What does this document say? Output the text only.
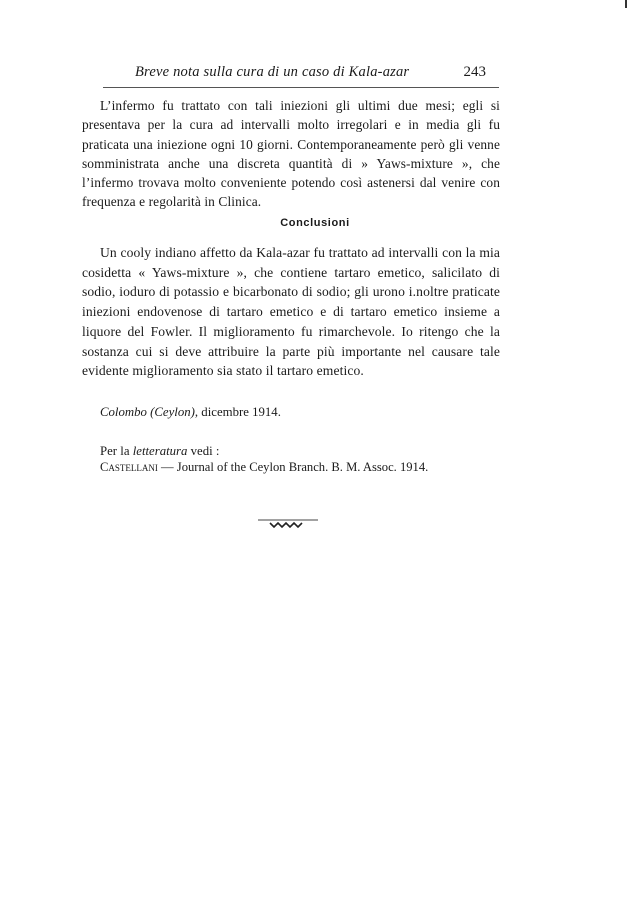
Breve nota sulla cura di un caso di Kala-azar	243

L’infermo fu trattato con tali iniezioni gli ultimi due mesi; egli si presentava per la cura ad intervalli molto irregolari e in media gli fu praticata una iniezione ogni 10 giorni. Contemporaneamente però gli venne somministrata anche una discreta quantità di » Yaws-mixture », che l’infermo trovava molto conveniente potendo così astenersi dal venire con frequenza e regolarità in Clinica.

Conclusioni

Un cooly indiano affetto da Kala-azar fu trattato ad intervalli con la mia cosidetta « Yaws-mixture », che contiene tartaro emetico, salicilato di sodio, ioduro di potassio e bicarbonato di sodio; gli urono i.noltre praticate iniezioni endovenose di tartaro emetico e di tartaro emetico insieme a liquore del Fowler. Il miglioramento fu rimarchevole. Io ritengo che la sostanza cui si deve attribuire la parte più importante nel causare tale evidente miglioramento sia stato il tartaro emetico.

Colombo (Ceylon), dicembre 1914.
Per la letteratura vedi :
Castellani — Journal of the Ceylon Branch. B. M. Assoc. 1914.
